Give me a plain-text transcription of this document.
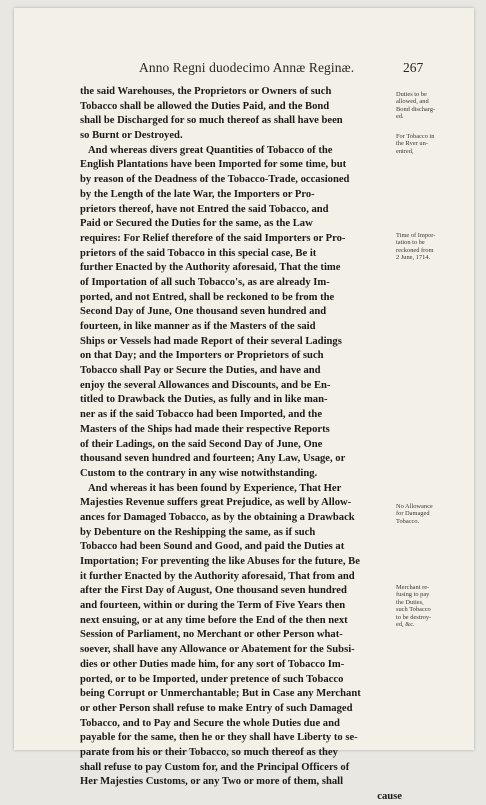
Anno Regni duodecimo Annæ Reginæ.	267
the said Warehouses, the Proprietors or Owners of such
Tobacco shall be allowed the Duties Paid, and the Bond
shall be Discharged for so much thereof as shall have been
so Burnt or Destroyed.
And whereas divers great Quantities of Tobacco of the
English Plantations have been Imported for some time, but
by reason of the Deadness of the Tobacco-Trade, occasioned
by the Length of the late War, the Importers or Pro-
prietors thereof, have not Entred the said Tobacco, and
Paid or Secured the Duties for the same, as the Law
requires: For Relief therefore of the said Importers or Pro-
prietors of the said Tobacco in this special case, Be it
further Enacted by the Authority aforesaid, That the time
of Importation of all such Tobacco's, as are already Im-
ported, and not Entred, shall be reckoned to be from the
Second Day of June, One thousand seven hundred and
fourteen, in like manner as if the Masters of the said
Ships or Vessels had made Report of their several Ladings
on that Day; and the Importers or Proprietors of such
Tobacco shall Pay or Secure the Duties, and have and
enjoy the several Allowances and Discounts, and be En-
titled to Drawback the Duties, as fully and in like man-
ner as if the said Tobacco had been Imported, and the
Masters of the Ships had made their respective Reports
of their Ladings, on the said Second Day of June, One
thousand seven hundred and fourteen; Any Law, Usage, or
Custom to the contrary in any wise notwithstanding.
And whereas it has been found by Experience, That Her
Majesties Revenue suffers great Prejudice, as well by Allow-
ances for Damaged Tobacco, as by the obtaining a Drawback
by Debenture on the Reshipping the same, as if such
Tobacco had been Sound and Good, and paid the Duties at
Importation; For preventing the like Abuses for the future, Be
it further Enacted by the Authority aforesaid, That from and
after the First Day of August, One thousand seven hundred
and fourteen, within or during the Term of Five Years then
next ensuing, or at any time before the End of the then next
Session of Parliament, no Merchant or other Person what-
soever, shall have any Allowance or Abatement for the Subsi-
dies or other Duties made him, for any sort of Tobacco Im-
ported, or to be Imported, under pretence of such Tobacco
being Corrupt or Unmerchantable; But in Case any Merchant
or other Person shall refuse to make Entry of such Damaged
Tobacco, and to Pay and Secure the whole Duties due and
payable for the same, then he or they shall have Liberty to se-
parate from his or their Tobacco, so much thereof as they
shall refuse to pay Custom for, and the Principal Officers of
Her Majesties Customs, or any Two or more of them, shall
cause
Duties to be
allowed, and
Bond discharg-
ed.
For Tobacco in
the Rver un-
entred,
Time of Impor-
tation to be
reckoned from
2 June, 1714.
No Allowance
for Damaged
Tobacco.
Merchant re-
fusing to pay
the Duties,
such Tobacco
to be destroy-
ed, &c.
